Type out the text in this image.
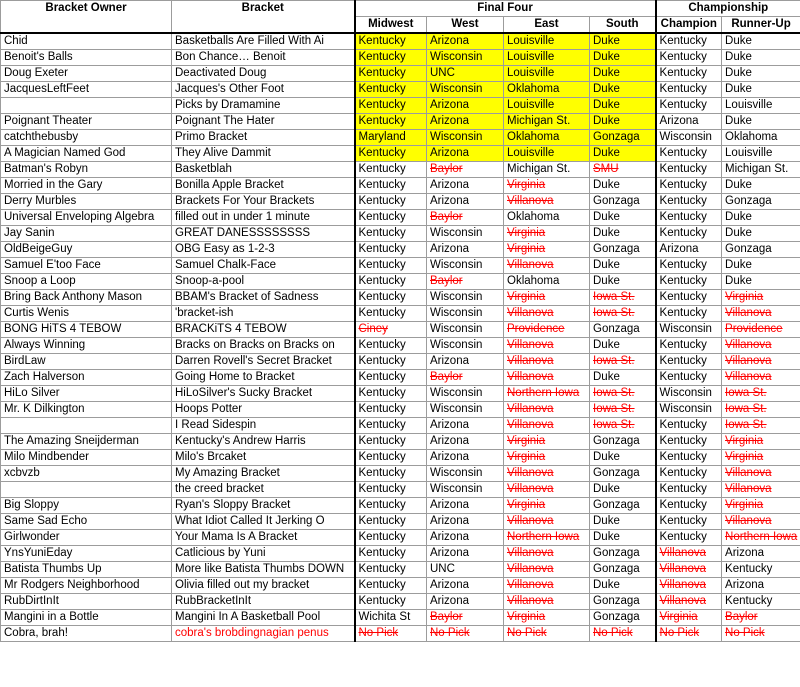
Bracket Owner	Bracket	Final Four				Championship	
		Midwest	West	East	South	Champion	Runner-Up
Chid	Basketballs Are Filled With Ai	Kentucky	Arizona	Louisville	Duke	Kentucky	Duke
Benoit's Balls	Bon Chance… Benoit	Kentucky	Wisconsin	Louisville	Duke	Kentucky	Duke
Doug Exeter	Deactivated Doug	Kentucky	UNC	Louisville	Duke	Kentucky	Duke
JacquesLeftFeet	Jacques's Other Foot	Kentucky	Wisconsin	Oklahoma	Duke	Kentucky	Duke
	Picks by Dramamine	Kentucky	Arizona	Louisville	Duke	Kentucky	Louisville
Poignant Theater	Poignant The Hater	Kentucky	Arizona	Michigan St.	Duke	Arizona	Duke
catchthebusby	Primo Bracket	Maryland	Wisconsin	Oklahoma	Gonzaga	Wisconsin	Oklahoma
A Magician Named God	They Alive Dammit	Kentucky	Arizona	Louisville	Duke	Kentucky	Louisville
Batman's Robyn	Basketblah	Kentucky	Baylor	Michigan St.	SMU	Kentucky	Michigan St.
Morried in the Gary	Bonilla Apple Bracket	Kentucky	Arizona	Virginia	Duke	Kentucky	Duke
Derry Murbles	Brackets For Your Brackets	Kentucky	Arizona	Villanova	Gonzaga	Kentucky	Gonzaga
Universal Enveloping Algebra	filled out in under 1 minute	Kentucky	Baylor	Oklahoma	Duke	Kentucky	Duke
Jay Sanin	GREAT DANESSSSSSSS	Kentucky	Wisconsin	Virginia	Duke	Kentucky	Duke
OldBeigeGuy	OBG Easy as 1-2-3	Kentucky	Arizona	Virginia	Gonzaga	Arizona	Gonzaga
Samuel E'too Face	Samuel Chalk-Face	Kentucky	Wisconsin	Villanova	Duke	Kentucky	Duke
Snoop a Loop	Snoop-a-pool	Kentucky	Baylor	Oklahoma	Duke	Kentucky	Duke
Bring Back Anthony Mason	BBAM's Bracket of Sadness	Kentucky	Wisconsin	Virginia	Iowa St.	Kentucky	Virginia
Curtis Wenis	'bracket-ish	Kentucky	Wisconsin	Villanova	Iowa St.	Kentucky	Villanova
BONG HiTS 4 TEBOW	BRACKiTS 4 TEBOW	Ciney	Wisconsin	Providence	Gonzaga	Wisconsin	Providence
Always Winning	Bracks on Bracks on Bracks on	Kentucky	Wisconsin	Villanova	Duke	Kentucky	Villanova
BirdLaw	Darren Rovell's Secret Bracket	Kentucky	Arizona	Villanova	Iowa St.	Kentucky	Villanova
Zach Halverson	Going Home to Bracket	Kentucky	Baylor	Villanova	Duke	Kentucky	Villanova
HiLo Silver	HiLoSilver's Sucky Bracket	Kentucky	Wisconsin	Northern Iowa	Iowa St.	Wisconsin	Iowa St.
Mr. K Dilkington	Hoops Potter	Kentucky	Wisconsin	Villanova	Iowa St.	Wisconsin	Iowa St.
	I Read Sidespin	Kentucky	Arizona	Villanova	Iowa St.	Kentucky	Iowa St.
The Amazing Sneijderman	Kentucky's Andrew Harris	Kentucky	Arizona	Virginia	Gonzaga	Kentucky	Virginia
Milo Mindbender	Milo's Brcaket	Kentucky	Arizona	Virginia	Duke	Kentucky	Virginia
xcbvzb	My Amazing Bracket	Kentucky	Wisconsin	Villanova	Gonzaga	Kentucky	Villanova
	the creed bracket	Kentucky	Wisconsin	Villanova	Duke	Kentucky	Villanova
Big Sloppy	Ryan's Sloppy Bracket	Kentucky	Arizona	Virginia	Gonzaga	Kentucky	Virginia
Same Sad Echo	What Idiot Called It Jerking O	Kentucky	Arizona	Villanova	Duke	Kentucky	Villanova
Girlwonder	Your Mama Is A Bracket	Kentucky	Arizona	Northern Iowa	Duke	Kentucky	Northern Iowa
YnsYuniEday	Catlicious by Yuni	Kentucky	Arizona	Villanova	Gonzaga	Villanova	Arizona
Batista Thumbs Up	More like Batista Thumbs DOWN	Kentucky	UNC	Villanova	Gonzaga	Villanova	Kentucky
Mr Rodgers Neighborhood	Olivia filled out my bracket	Kentucky	Arizona	Villanova	Duke	Villanova	Arizona
RubDirtInIt	RubBracketInIt	Kentucky	Arizona	Villanova	Gonzaga	Villanova	Kentucky
Mangini in a Bottle	Mangini In A Basketball Pool	Wichita St	Baylor	Virginia	Gonzaga	Virginia	Baylor
Cobra, brah!	cobra's brobdingnagian penus	No Pick	No Pick	No Pick	No Pick	No Pick	No Pick
